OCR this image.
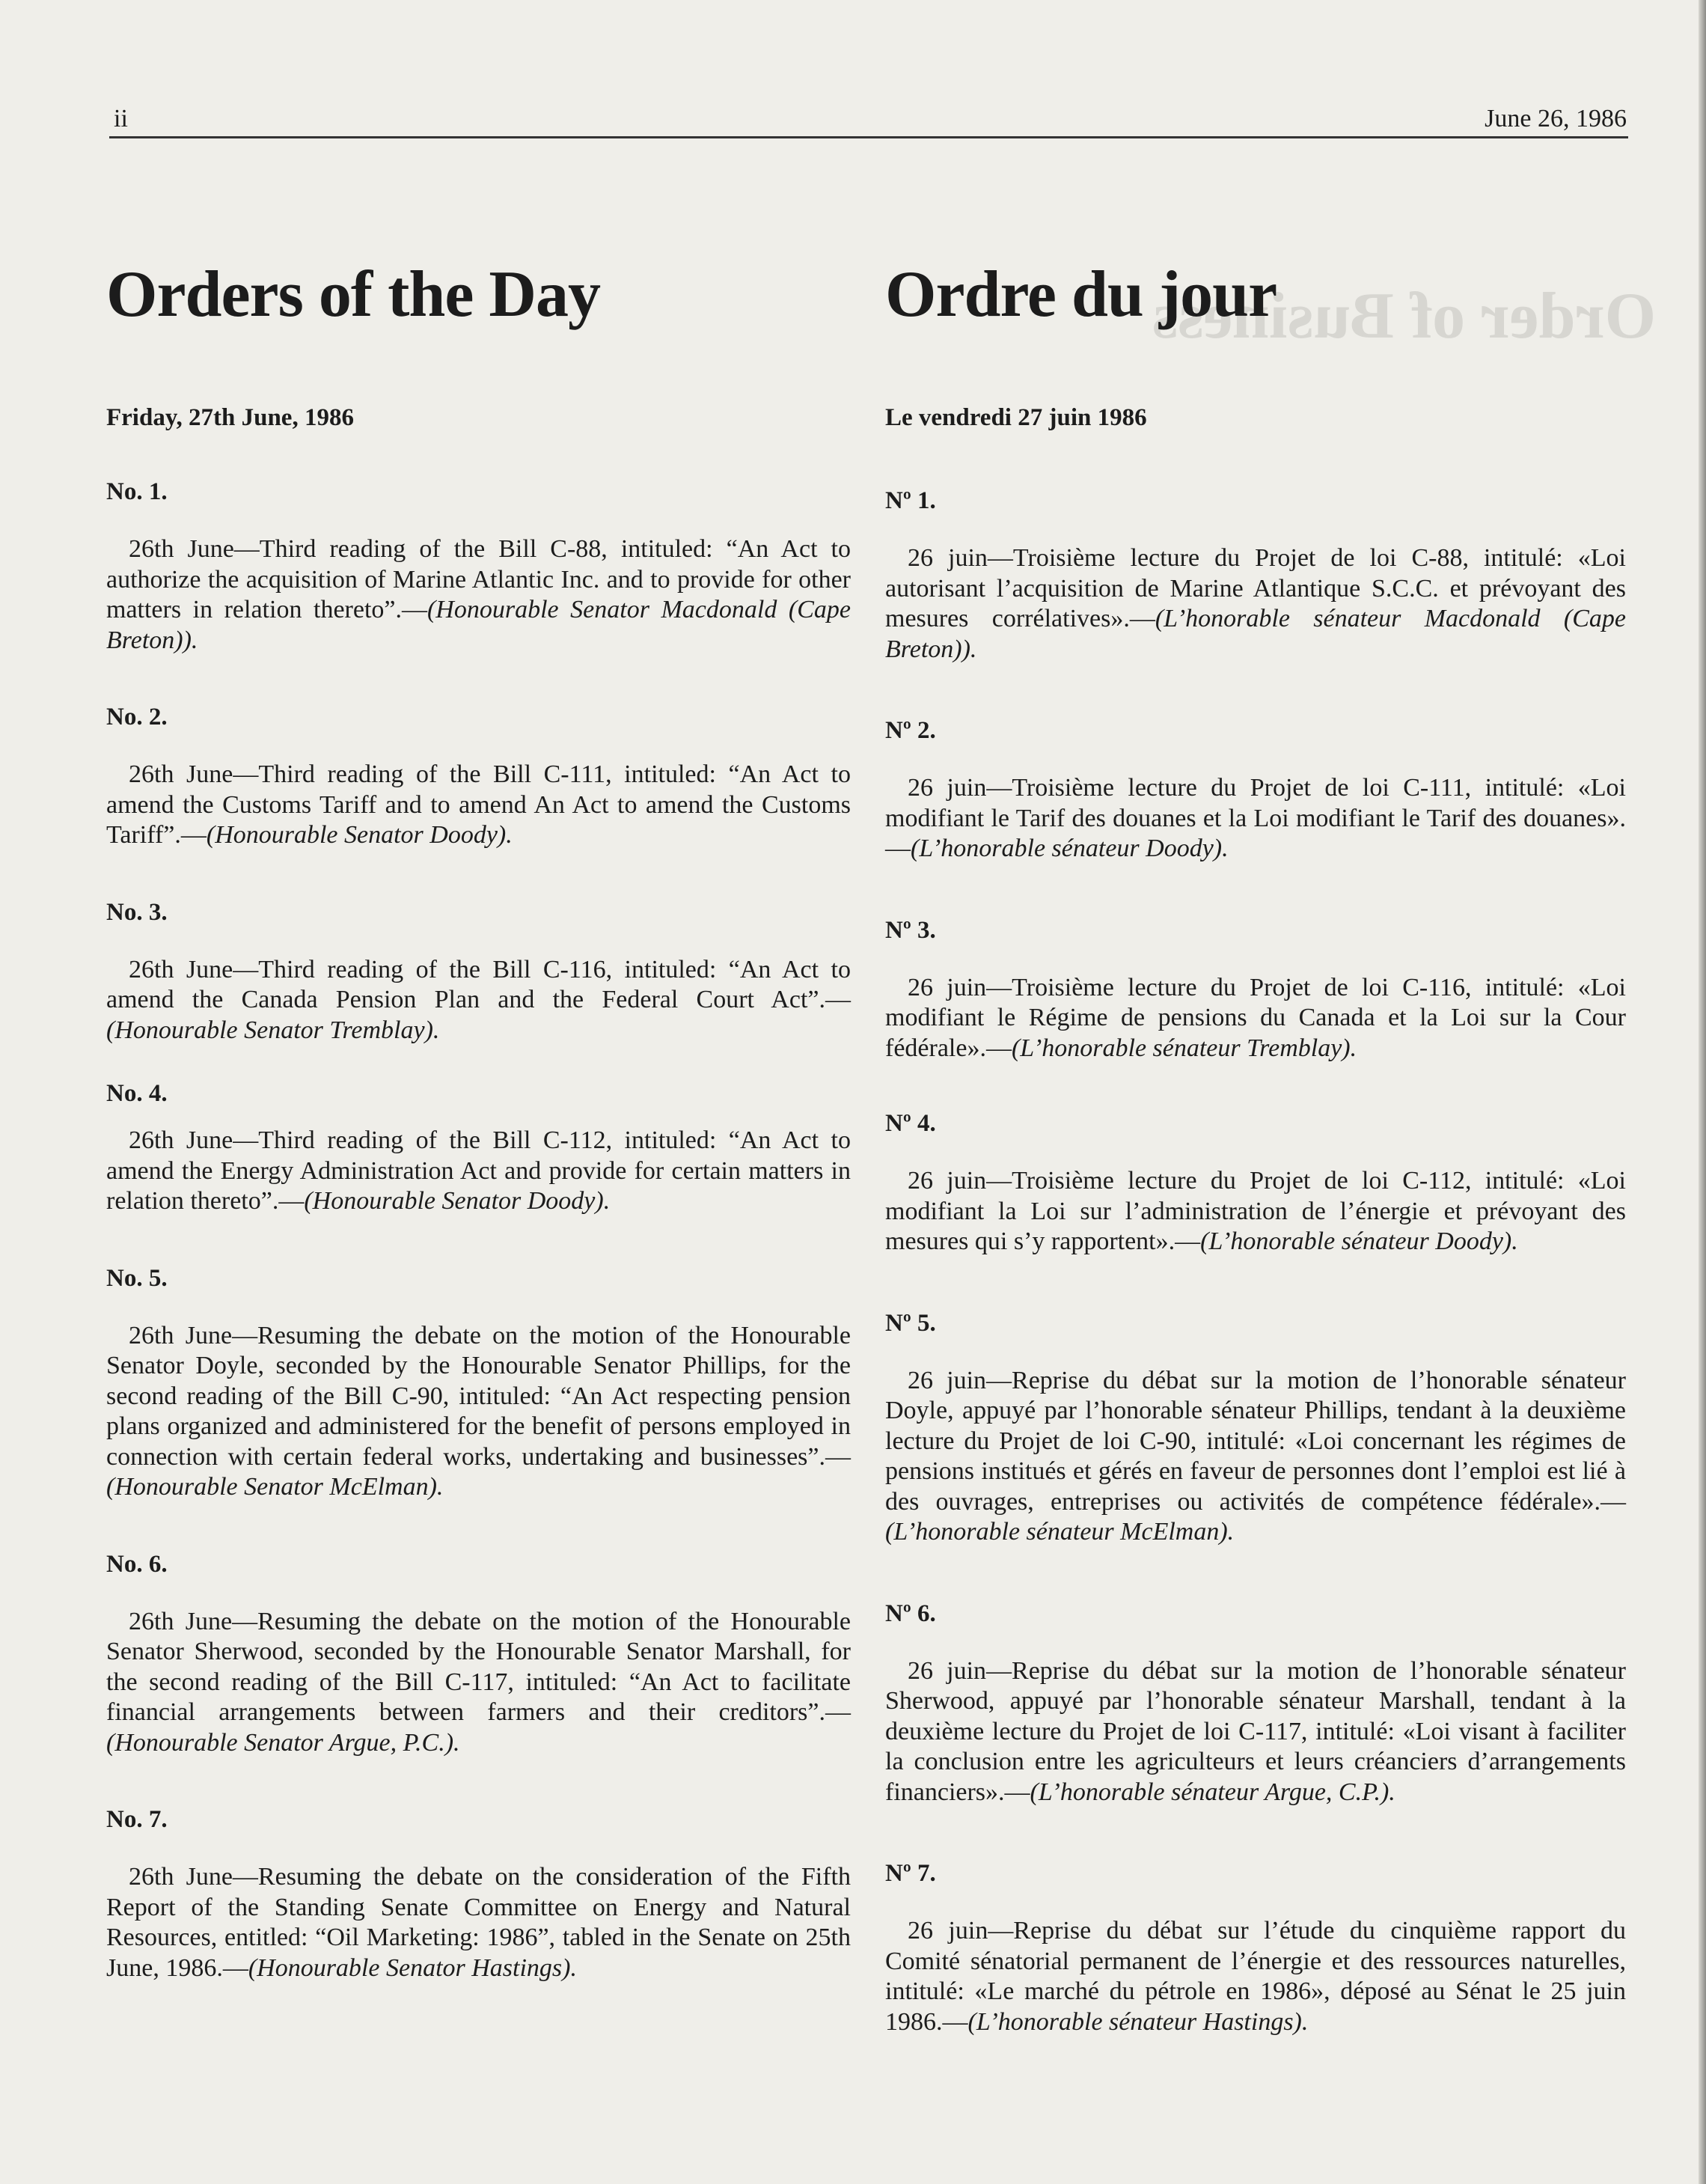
Order of Business
ii	June 26, 1986
Orders of the Day
Friday, 27th June, 1986
No. 1.
26th June—Third reading of the Bill C-88, intituled: “An Act to authorize the acquisition of Marine Atlantic Inc. and to provide for other matters in relation thereto”.—(Honourable Senator Macdonald (Cape Breton)).
No. 2.
26th June—Third reading of the Bill C-111, intituled: “An Act to amend the Customs Tariff and to amend An Act to amend the Customs Tariff”.—(Honourable Senator Doody).
No. 3.
26th June—Third reading of the Bill C-116, intituled: “An Act to amend the Canada Pension Plan and the Federal Court Act”.—(Honourable Senator Tremblay).
No. 4.
26th June—Third reading of the Bill C-112, intituled: “An Act to amend the Energy Administration Act and provide for certain matters in relation thereto”.—(Honourable Senator Doody).
No. 5.
26th June—Resuming the debate on the motion of the Honourable Senator Doyle, seconded by the Honourable Senator Phillips, for the second reading of the Bill C-90, intituled: “An Act respecting pension plans organized and administered for the benefit of persons employed in connection with certain federal works, undertaking and businesses”.—(Honourable Senator McElman).
No. 6.
26th June—Resuming the debate on the motion of the Honourable Senator Sherwood, seconded by the Honourable Senator Marshall, for the second reading of the Bill C-117, intituled: “An Act to facilitate financial arrangements between farmers and their creditors”.—(Honourable Senator Argue, P.C.).
No. 7.
26th June—Resuming the debate on the consideration of the Fifth Report of the Standing Senate Committee on Energy and Natural Resources, entitled: “Oil Marketing: 1986”, tabled in the Senate on 25th June, 1986.—(Honourable Senator Hastings).
Ordre du jour
Le vendredi 27 juin 1986
Nº 1.
26 juin—Troisième lecture du Projet de loi C-88, intitulé: «Loi autorisant l’acquisition de Marine Atlantique S.C.C. et prévoyant des mesures corrélatives».—(L’honorable sénateur Macdonald (Cape Breton)).
Nº 2.
26 juin—Troisième lecture du Projet de loi C-111, intitulé: «Loi modifiant le Tarif des douanes et la Loi modifiant le Tarif des douanes».—(L’honorable sénateur Doody).
Nº 3.
26 juin—Troisième lecture du Projet de loi C-116, intitulé: «Loi modifiant le Régime de pensions du Canada et la Loi sur la Cour fédérale».—(L’honorable sénateur Tremblay).
Nº 4.
26 juin—Troisième lecture du Projet de loi C-112, intitulé: «Loi modifiant la Loi sur l’administration de l’énergie et prévoyant des mesures qui s’y rapportent».—(L’honorable sénateur Doody).
Nº 5.
26 juin—Reprise du débat sur la motion de l’honorable sénateur Doyle, appuyé par l’honorable sénateur Phillips, tendant à la deuxième lecture du Projet de loi C-90, intitulé: «Loi concernant les régimes de pensions institués et gérés en faveur de personnes dont l’emploi est lié à des ouvrages, entreprises ou activités de compétence fédérale».—(L’honorable sénateur McElman).
Nº 6.
26 juin—Reprise du débat sur la motion de l’honorable sénateur Sherwood, appuyé par l’honorable sénateur Marshall, tendant à la deuxième lecture du Projet de loi C-117, intitulé: «Loi visant à faciliter la conclusion entre les agriculteurs et leurs créanciers d’arrangements financiers».—(L’honorable sénateur Argue, C.P.).
Nº 7.
26 juin—Reprise du débat sur l’étude du cinquième rapport du Comité sénatorial permanent de l’énergie et des ressources naturelles, intitulé: «Le marché du pétrole en 1986», déposé au Sénat le 25 juin 1986.—(L’honorable sénateur Hastings).
